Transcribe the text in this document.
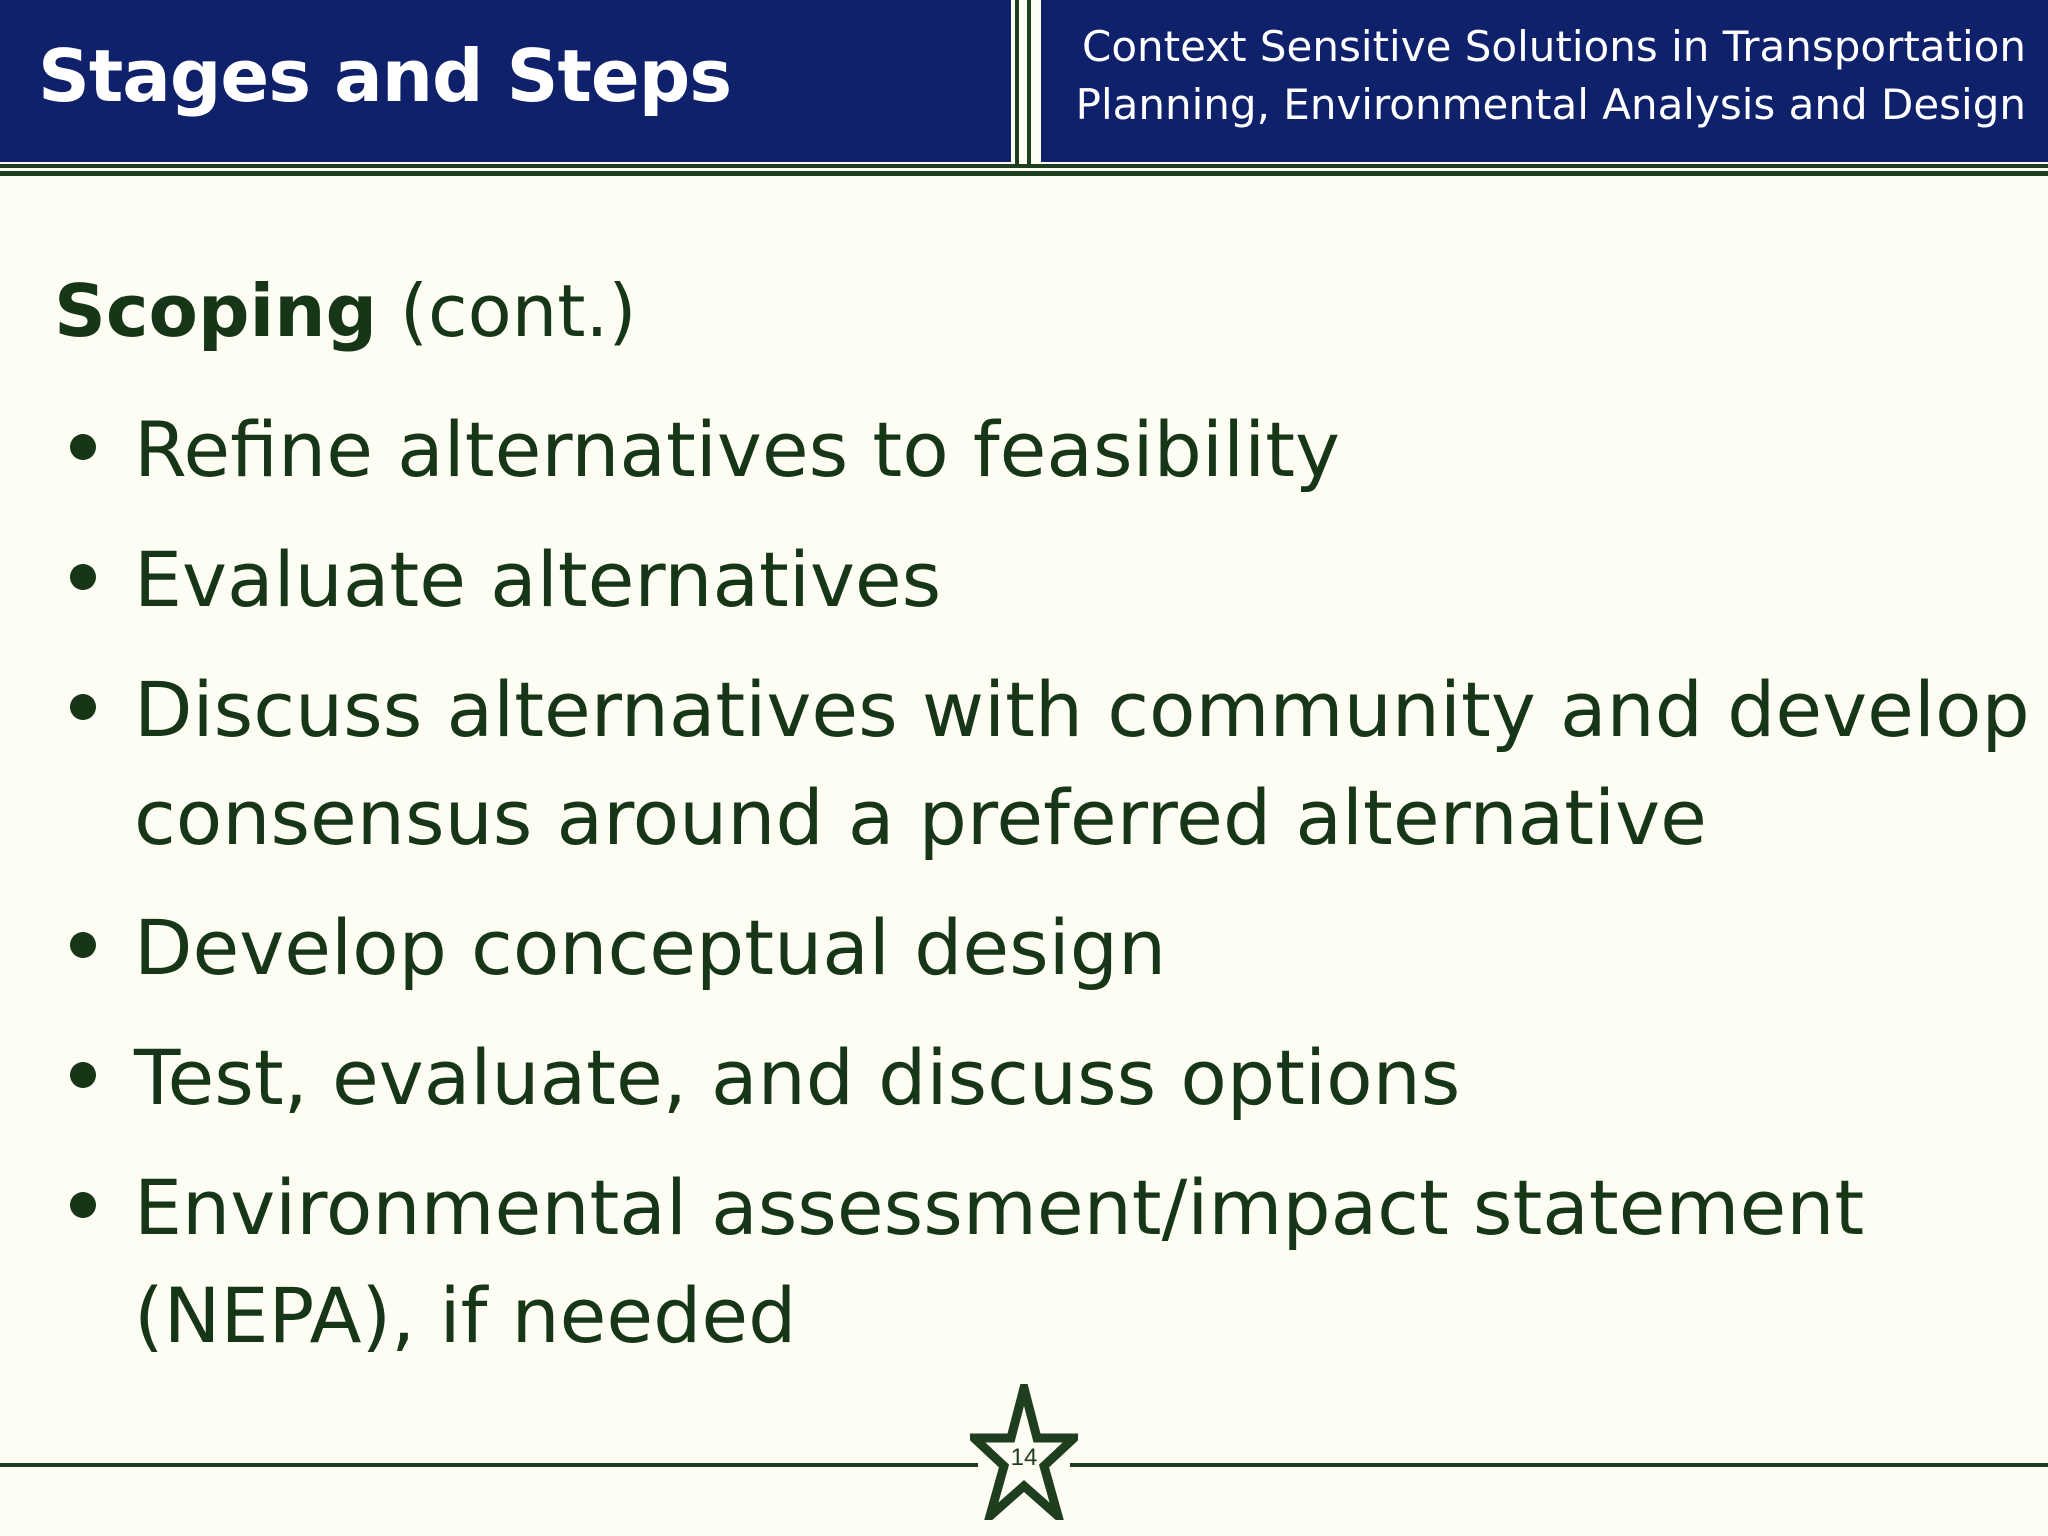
Stages and Steps	Context Sensitive Solutions in Transportation
Planning, Environmental Analysis and Design
Scoping (cont.)
Refine alternatives to feasibility
Evaluate alternatives
Discuss alternatives with community and develop consensus around a preferred alternative
Develop conceptual design
Test, evaluate, and discuss options
Environmental assessment/impact statement (NEPA), if needed
14
